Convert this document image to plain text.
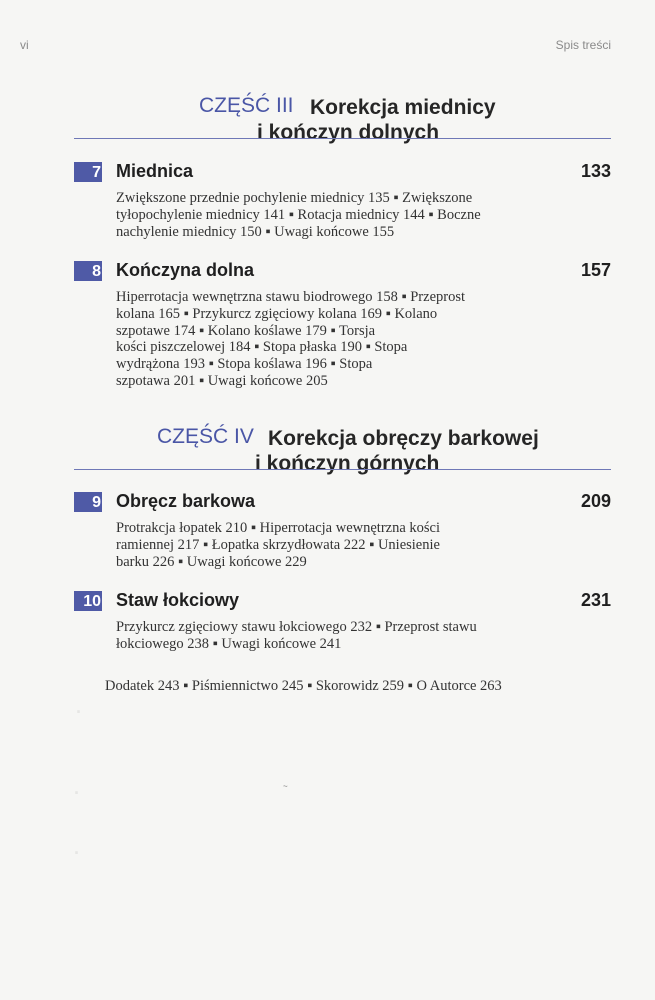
vi	Spis treści
CZĘŚĆ III Korekcja miednicy
i kończyn dolnych
7 Miednica	133
Zwiększone przednie pochylenie miednicy 135 ▪ Zwiększone
tyłopochylenie miednicy 141 ▪ Rotacja miednicy 144 ▪ Boczne
nachylenie miednicy 150 ▪ Uwagi końcowe 155
8 Kończyna dolna	157
Hiperrotacja wewnętrzna stawu biodrowego 158 ▪ Przeprost
kolana 165 ▪ Przykurcz zgięciowy kolana 169 ▪ Kolano
szpotawe 174 ▪ Kolano koślawe 179 ▪ Torsja
kości piszczelowej 184 ▪ Stopa płaska 190 ▪ Stopa
wydrążona 193 ▪ Stopa koślawa 196 ▪ Stopa
szpotawa 201 ▪ Uwagi końcowe 205
CZĘŚĆ IV Korekcja obręczy barkowej
i kończyn górnych
9 Obręcz barkowa	209
Protrakcja łopatek 210 ▪ Hiperrotacja wewnętrzna kości
ramiennej 217 ▪ Łopatka skrzydłowata 222 ▪ Uniesienie
barku 226 ▪ Uwagi końcowe 229
10 Staw łokciowy	231
Przykurcz zgięciowy stawu łokciowego 232 ▪ Przeprost stawu
łokciowego 238 ▪ Uwagi końcowe 241
Dodatek 243 ▪ Piśmiennictwo 245 ▪ Skorowidz 259 ▪ O Autorce 263
·
·
·
~
